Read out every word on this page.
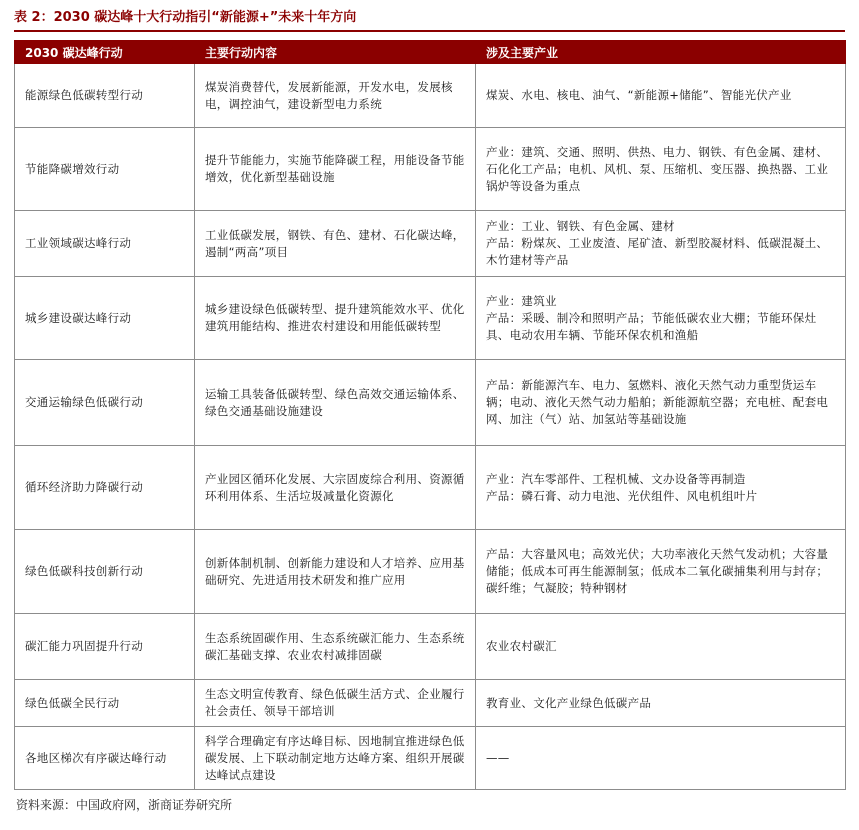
表 2：2030 碳达峰十大行动指引“新能源+”未来十年方向
2030 碳达峰行动	主要行动内容	涉及主要产业
能源绿色低碳转型行动	煤炭消费替代，发展新能源，开发水电，发展核电，调控油气，建设新型电力系统	煤炭、水电、核电、油气、“新能源+储能”、智能光伏产业
节能降碳增效行动	提升节能能力，实施节能降碳工程，用能设备节能增效，优化新型基础设施	产业：建筑、交通、照明、供热、电力、钢铁、有色金属、建材、石化化工产品；电机、风机、泵、压缩机、变压器、换热器、工业锅炉等设备为重点
工业领域碳达峰行动	工业低碳发展，钢铁、有色、建材、石化碳达峰，遏制“两高”项目	产业：工业、钢铁、有色金属、建材
产品：粉煤灰、工业废渣、尾矿渣、新型胶凝材料、低碳混凝土、木竹建材等产品
城乡建设碳达峰行动	城乡建设绿色低碳转型、提升建筑能效水平、优化建筑用能结构、推进农村建设和用能低碳转型	产业：建筑业
产品：采暖、制冷和照明产品；节能低碳农业大棚；节能环保灶具、电动农用车辆、节能环保农机和渔船
交通运输绿色低碳行动	运输工具装备低碳转型、绿色高效交通运输体系、绿色交通基础设施建设	产品：新能源汽车、电力、氢燃料、液化天然气动力重型货运车辆；电动、液化天然气动力船舶；新能源航空器；充电桩、配套电网、加注（气）站、加氢站等基础设施
循环经济助力降碳行动	产业园区循环化发展、大宗固废综合利用、资源循环利用体系、生活垃圾减量化资源化	产业：汽车零部件、工程机械、文办设备等再制造
产品：磷石膏、动力电池、光伏组件、风电机组叶片
绿色低碳科技创新行动	创新体制机制、创新能力建设和人才培养、应用基础研究、先进适用技术研发和推广应用	产品：大容量风电；高效光伏；大功率液化天然气发动机；大容量储能；低成本可再生能源制氢；低成本二氧化碳捕集利用与封存；碳纤维；气凝胶；特种钢材
碳汇能力巩固提升行动	生态系统固碳作用、生态系统碳汇能力、生态系统碳汇基础支撑、农业农村减排固碳	农业农村碳汇
绿色低碳全民行动	生态文明宣传教育、绿色低碳生活方式、企业履行社会责任、领导干部培训	教育业、文化产业绿色低碳产品
各地区梯次有序碳达峰行动	科学合理确定有序达峰目标、因地制宜推进绿色低碳发展、上下联动制定地方达峰方案、组织开展碳达峰试点建设	——
资料来源：中国政府网，浙商证券研究所
